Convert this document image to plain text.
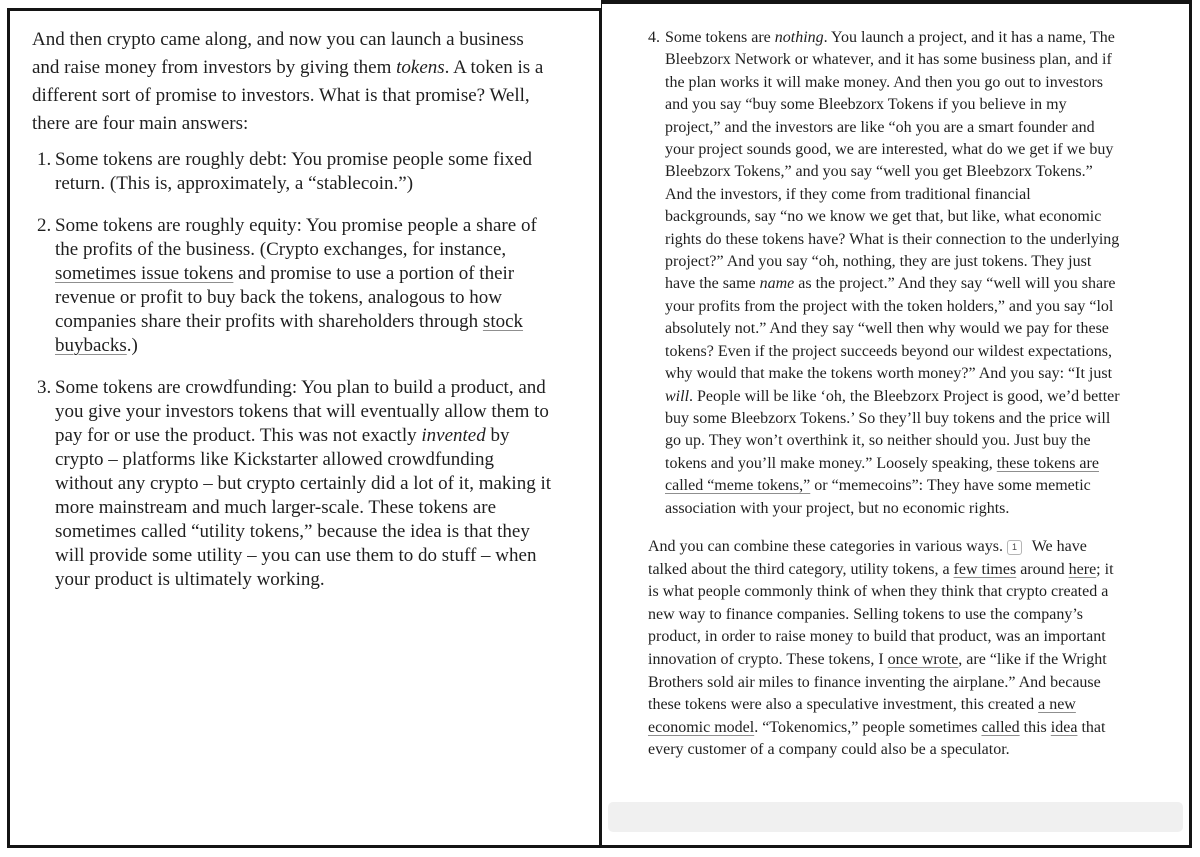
And then crypto came along, and now you can launch a business and raise money from investors by giving them tokens. A token is a different sort of promise to investors. What is that promise? Well, there are four main answers:

1. Some tokens are roughly debt: You promise people some fixed return. (This is, approximately, a “stablecoin.”)
2. Some tokens are roughly equity: You promise people a share of the profits of the business. (Crypto exchanges, for instance, sometimes issue tokens and promise to use a portion of their revenue or profit to buy back the tokens, analogous to how companies share their profits with shareholders through stock buybacks.)
3. Some tokens are crowdfunding: You plan to build a product, and you give your investors tokens that will eventually allow them to pay for or use the product. This was not exactly invented by crypto – platforms like Kickstarter allowed crowdfunding without any crypto – but crypto certainly did a lot of it, making it more mainstream and much larger-scale. These tokens are sometimes called “utility tokens,” because the idea is that they will provide some utility – you can use them to do stuff – when your product is ultimately working.
4. Some tokens are nothing. You launch a project, and it has a name, The Bleebzorx Network or whatever, and it has some business plan, and if the plan works it will make money. And then you go out to investors and you say “buy some Bleebzorx Tokens if you believe in my project,” and the investors are like “oh you are a smart founder and your project sounds good, we are interested, what do we get if we buy Bleebzorx Tokens,” and you say “well you get Bleebzorx Tokens.” And the investors, if they come from traditional financial backgrounds, say “no we know we get that, but like, what economic rights do these tokens have? What is their connection to the underlying project?” And you say “oh, nothing, they are just tokens. They just have the same name as the project.” And they say “well will you share your profits from the project with the token holders,” and you say “lol absolutely not.” And they say “well then why would we pay for these tokens? Even if the project succeeds beyond our wildest expectations, why would that make the tokens worth money?” And you say: “It just will. People will be like ‘oh, the Bleebzorx Project is good, we’d better buy some Bleebzorx Tokens.’ So they’ll buy tokens and the price will go up. They won’t overthink it, so neither should you. Just buy the tokens and you’ll make money.” Loosely speaking, these tokens are called “meme tokens,” or “memecoins”: They have some memetic association with your project, but no economic rights.

And you can combine these categories in various ways. 1 We have talked about the third category, utility tokens, a few times around here; it is what people commonly think of when they think that crypto created a new way to finance companies. Selling tokens to use the company’s product, in order to raise money to build that product, was an important innovation of crypto. These tokens, I once wrote, are “like if the Wright Brothers sold air miles to finance inventing the airplane.” And because these tokens were also a speculative investment, this created a new economic model. “Tokenomics,” people sometimes called this idea that every customer of a company could also be a speculator.
